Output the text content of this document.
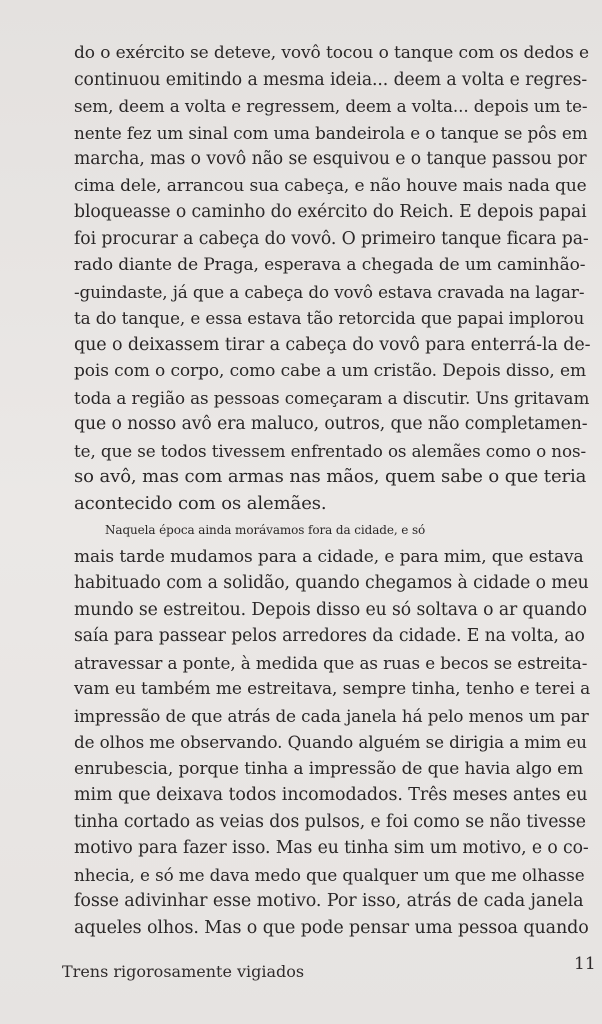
do o exército se deteve, vovô tocou o tanque com os dedos e
continuou emitindo a mesma ideia... deem a volta e regres-
sem, deem a volta e regressem, deem a volta... depois um te-
nente fez um sinal com uma bandeirola e o tanque se pôs em
marcha, mas o vovô não se esquivou e o tanque passou por
cima dele, arrancou sua cabeça, e não houve mais nada que
bloqueasse o caminho do exército do Reich. E depois papai
foi procurar a cabeça do vovô. O primeiro tanque ficara pa-
rado diante de Praga, esperava a chegada de um caminhão-
-guindaste, já que a cabeça do vovô estava cravada na lagar-
ta do tanque, e essa estava tão retorcida que papai implorou
que o deixassem tirar a cabeça do vovô para enterrá-la de-
pois com o corpo, como cabe a um cristão. Depois disso, em
toda a região as pessoas começaram a discutir. Uns gritavam
que o nosso avô era maluco, outros, que não completamen-
te, que se todos tivessem enfrentado os alemães como o nos-
so avô, mas com armas nas mãos, quem sabe o que teria
acontecido com os alemães.
Naquela época ainda morávamos fora da cidade, e só
mais tarde mudamos para a cidade, e para mim, que estava
habituado com a solidão, quando chegamos à cidade o meu
mundo se estreitou. Depois disso eu só soltava o ar quando
saía para passear pelos arredores da cidade. E na volta, ao
atravessar a ponte, à medida que as ruas e becos se estreita-
vam eu também me estreitava, sempre tinha, tenho e terei a
impressão de que atrás de cada janela há pelo menos um par
de olhos me observando. Quando alguém se dirigia a mim eu
enrubescia, porque tinha a impressão de que havia algo em
mim que deixava todos incomodados. Três meses antes eu
tinha cortado as veias dos pulsos, e foi como se não tivesse
motivo para fazer isso. Mas eu tinha sim um motivo, e o co-
nhecia, e só me dava medo que qualquer um que me olhasse
fosse adivinhar esse motivo. Por isso, atrás de cada janela
aqueles olhos. Mas o que pode pensar uma pessoa quando
Trens rigorosamente vigiados	11
